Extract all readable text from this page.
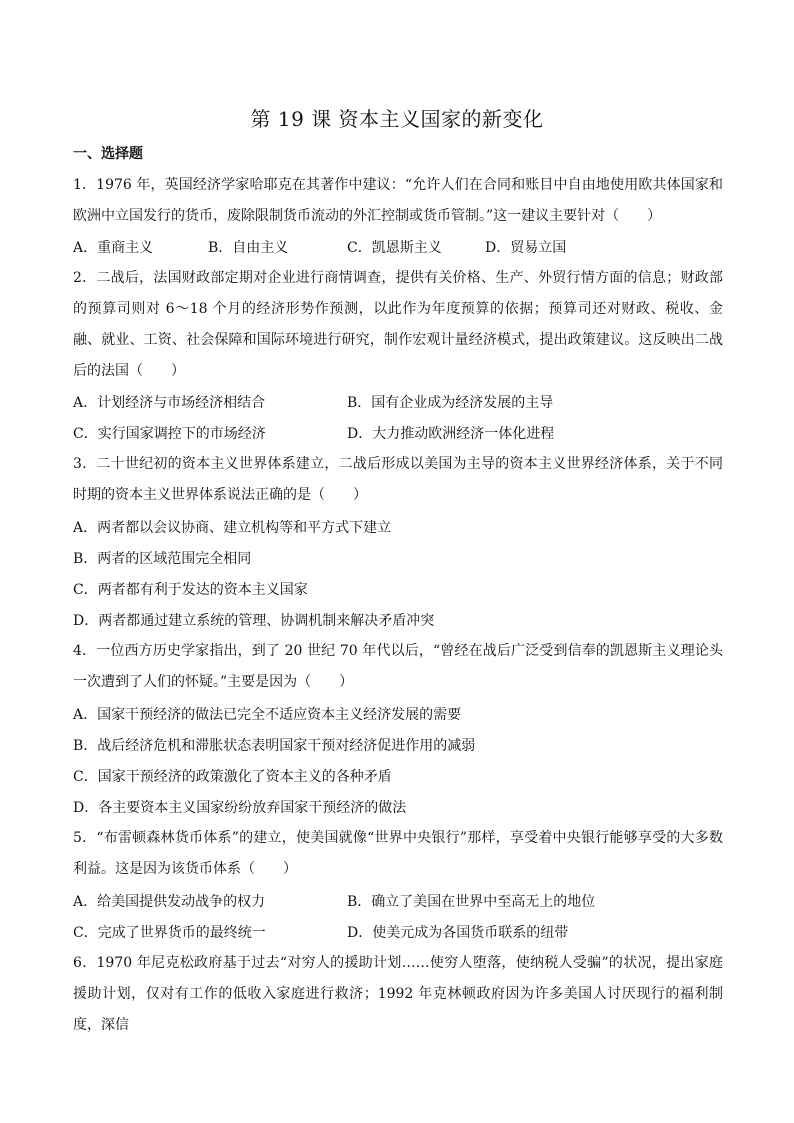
第 19 课 资本主义国家的新变化
一、选择题
1．1976 年，英国经济学家哈耶克在其著作中建议：“允许人们在合同和账目中自由地使用欧共体国家和欧洲中立国发行的货币，废除限制货币流动的外汇控制或货币管制。”这一建议主要针对（　　）
A．重商主义	B．自由主义	C．凯恩斯主义	D．贸易立国
2．二战后，法国财政部定期对企业进行商情调查，提供有关价格、生产、外贸行情方面的信息；财政部的预算司则对 6～18 个月的经济形势作预测，以此作为年度预算的依据；预算司还对财政、税收、金融、就业、工资、社会保障和国际环境进行研究，制作宏观计量经济模式，提出政策建议。这反映出二战后的法国（　　）
A．计划经济与市场经济相结合	B．国有企业成为经济发展的主导
C．实行国家调控下的市场经济	D．大力推动欧洲经济一体化进程
3．二十世纪初的资本主义世界体系建立，二战后形成以美国为主导的资本主义世界经济体系，关于不同时期的资本主义世界体系说法正确的是（　　）
A．两者都以会议协商、建立机构等和平方式下建立
B．两者的区域范围完全相同
C．两者都有利于发达的资本主义国家
D．两者都通过建立系统的管理、协调机制来解决矛盾冲突
4．一位西方历史学家指出，到了 20 世纪 70 年代以后，“曾经在战后广泛受到信奉的凯恩斯主义理论头一次遭到了人们的怀疑。”主要是因为（　　）
A．国家干预经济的做法已完全不适应资本主义经济发展的需要
B．战后经济危机和滞胀状态表明国家干预对经济促进作用的减弱
C．国家干预经济的政策激化了资本主义的各种矛盾
D．各主要资本主义国家纷纷放弃国家干预经济的做法
5．“布雷顿森林货币体系”的建立，使美国就像“世界中央银行”那样，享受着中央银行能够享受的大多数利益。这是因为该货币体系（　　）
A．给美国提供发动战争的权力	B．确立了美国在世界中至高无上的地位
C．完成了世界货币的最终统一	D．使美元成为各国货币联系的纽带
6．1970 年尼克松政府基于过去“对穷人的援助计划……使穷人堕落，使纳税人受骗”的状况，提出家庭援助计划，仅对有工作的低收入家庭进行救济；1992 年克林顿政府因为许多美国人讨厌现行的福利制度，深信
